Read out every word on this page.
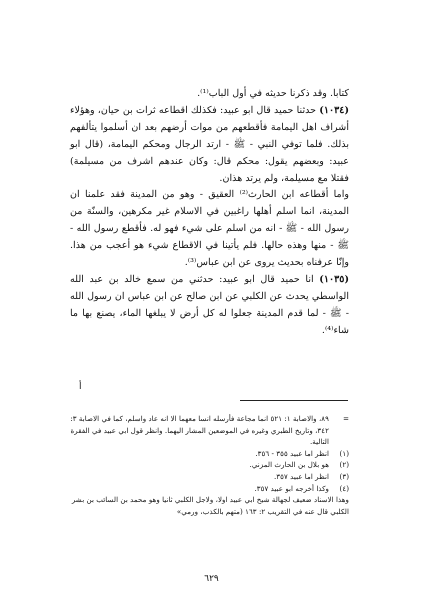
كتابا. وقد ذكرنا حديثه في أول الباب⁽¹⁾.

(١٠٣٤) حدثنا حميد قال ابو عبيد: فكذلك اقطاعه ثرات بن حيان، وهؤلاء أشراف اهل اليمامة فأقطعهم من موات أرضهم بعد ان أسلموا يتألفهم بذلك. فلما توفي النبي - ﷺ - ارتد الرجال ومحكم اليمامة، (قال ابو عبيد: وبعضهم يقول: محكم قال: وكان عندهم اشرف من مسيلمة) فقتلا مع مسيلمة، ولم يرتد هذان.

واما أقطاعه ابن الحارث⁽²⁾ العقيق - وهو من المدينة فقد علمنا ان المدينة، انما اسلم أهلها راغبين في الاسلام غير مكرهين، والسنّة من رسول الله - ﷺ - انه من اسلم على شيء فهو له. فأقطع رسول الله - ﷺ - منها وهذه حالها. فلم يأتينا في الاقطاع شيء هو أعجب من هذا. وإنّا عرفناه بحديث يروى عن ابن عباس⁽³⁾.

(١٠٣٥) انا حميد قال ابو عبيد: حدثني من سمع خالد بن عبد الله الواسطي يحدث عن الكلبي عن ابن صالح عن ابن عباس ان رسول الله - ﷺ - لما قدم المدينة جعلوا له كل أرض لا يبلغها الماء، يصنع بها ما شاء⁽⁴⁾.

أ
=
٨٩، والاصابة ١: ٥٢١ انما مجاعة فأرسله انسا معهما الا انه عاد واسلم، كما في الاصابة ٣: ٣٤٢، وتاريخ الطبري وغيره في الموضعين المشار اليهما. وانظر قول ابي عبيد في الفقرة التالية.
(١)
انظر اما عبيد ٣٥٥ - ٣٥٦.
(٢)
هو بلال بن الحارث المزني.
(٣)
انظر اما عبيد ٣٥٧.
(٤)
وكذا أخرجه ابو عبيد ٣٥٧.

وهذا الاسناد ضعيف لجهالة شيخ ابي عبيد اولا، ولاجل الكلبي ثانيا وهو محمد بن السائب بن بشر الكلبي قال عنه في التقريب ٢: ١٦٣ (متهم بالكذب، ورمي»

٦٢٩
